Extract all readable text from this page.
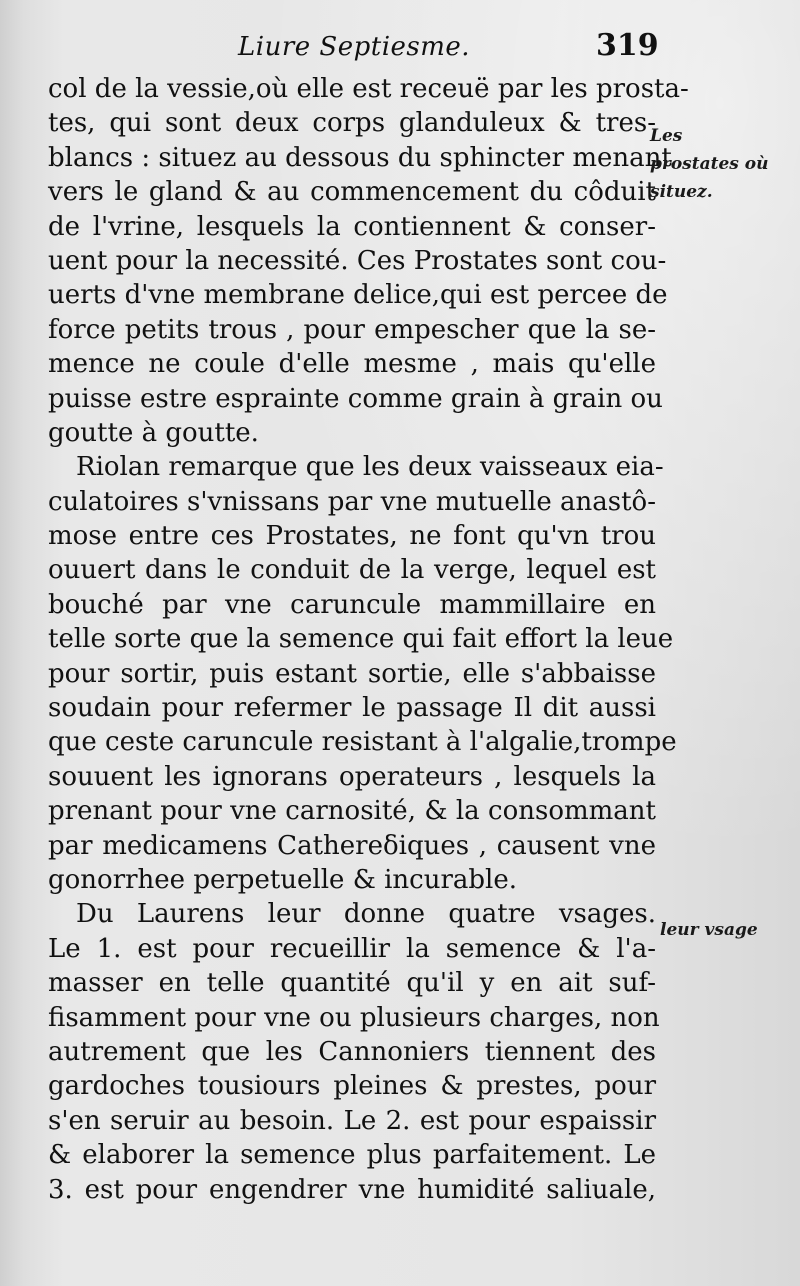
Liure Septiesme.	319
col de la vessie,où elle est receuë par les prosta-
tes, qui sont deux corps glanduleux & tres-
blancs : situez au dessous du sphincter menant
vers le gland & au commencement du côduit
de l'vrine, lesquels la contiennent & conser-
uent pour la necessité. Ces Prostates sont cou-
uerts d'vne membrane delice,qui est percee de
force petits trous , pour empescher que la se-
mence ne coule d'elle mesme , mais qu'elle
puisse estre esprainte comme grain à grain ou
goutte à goutte.
Riolan remarque que les deux vaisseaux eia-
culatoires s'vnissans par vne mutuelle anastô-
mose entre ces Prostates, ne font qu'vn trou
ouuert dans le conduit de la verge, lequel est
bouché par vne caruncule mammillaire en
telle sorte que la semence qui fait effort la leue
pour sortir, puis estant sortie, elle s'abbaisse
soudain pour refermer le passage Il dit aussi
que ceste caruncule resistant à l'algalie,trompe
souuent les ignorans operateurs , lesquels la
prenant pour vne carnosité, & la consommant
par medicamens Cathereδiques , causent vne
gonorrhee perpetuelle & incurable.
Du Laurens leur donne quatre vsages.
Le 1. est pour recueillir la semence & l'a-
masser en telle quantité qu'il y en ait suf-
fisamment pour vne ou plusieurs charges, non
autrement que les Cannoniers tiennent des
gardoches tousiours pleines & prestes, pour
s'en seruir au besoin. Le 2. est pour espaissir
& elaborer la semence plus parfaitement. Le
3. est pour engendrer vne humidité saliuale,
Les prostates où situez.
leur vsage
